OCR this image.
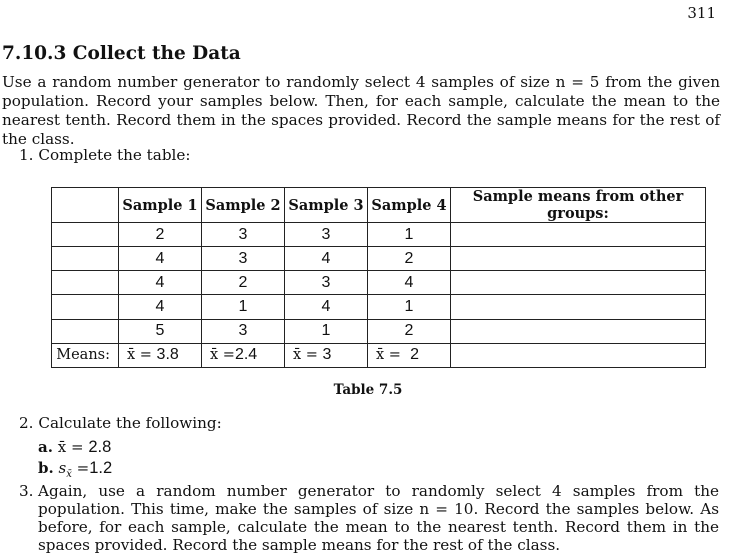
311
7.10.3 Collect the Data

Use a random number generator to randomly select 4 samples of size n = 5 from the given population. Record your samples below. Then, for each sample, calculate the mean to the nearest tenth. Record them in the spaces provided. Record the sample means for the rest of the class.

1. Complete the table:
	Sample 1	Sample 2	Sample 3	Sample 4	Sample means from other groups:
	2	3	3	1	
	4	3	4	2	
	4	2	3	4	
	4	1	4	1	
	5	3	1	2	
Means:	x̄ = 3.8	x̄ =2.4	x̄ = 3	x̄ = 2	
Table 7.5
2. Calculate the following:
a. x̄ = 2.8
b. $s_{x̄} =1.2$
3. Again, use a random number generator to randomly select 4 samples from the population. This time, make the samples of size n = 10. Record the samples below. As before, for each sample, calculate the mean to the nearest tenth. Record them in the spaces provided. Record the sample means for the rest of the class.
